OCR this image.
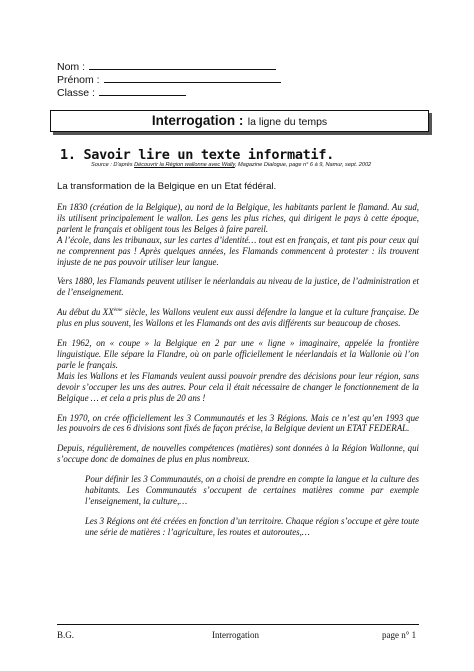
Nom :
Prénom :
Classe :
Interrogation : la ligne du temps
1. Savoir lire un texte informatif.
Source : D'après Découvrir la Région wallonne avec Wally, Magazine Dialogue, page n° 6 à 9, Namur, sept. 2002
La transformation de la Belgique en un Etat fédéral.

En 1830 (création de la Belgique), au nord de la Belgique, les habitants parlent le flamand. Au sud, ils utilisent principalement le wallon. Les gens les plus riches, qui dirigent le pays à cette époque, parlent le français et obligent tous les Belges à faire pareil.

A l’école, dans les tribunaux, sur les cartes d’identité… tout est en français, et tant pis pour ceux qui ne comprennent pas ! Après quelques années, les Flamands commencent à protester : ils trouvent injuste de ne pas pouvoir utiliser leur langue.

Vers 1880, les Flamands peuvent utiliser le néerlandais au niveau de la justice, de l’administration et de l’enseignement.

Au début du XXème siècle, les Wallons veulent eux aussi défendre la langue et la culture française. De plus en plus souvent, les Wallons et les Flamands ont des avis différents sur beaucoup de choses.

En 1962, on « coupe » la Belgique en 2 par une « ligne » imaginaire, appelée la frontière linguistique. Elle sépare la Flandre, où on parle officiellement le néerlandais et la Wallonie où l’on parle le français.

Mais les Wallons et les Flamands veulent aussi pouvoir prendre des décisions pour leur région, sans devoir s’occuper les uns des autres. Pour cela il était nécessaire de changer le fonctionnement de la Belgique … et cela a pris plus de 20 ans !

En 1970, on crée officiellement les 3 Communautés et les 3 Régions. Mais ce n’est qu’en 1993 que les pouvoirs de ces 6 divisions sont fixés de façon précise, la Belgique devient un ETAT FEDERAL.

Depuis, régulièrement, de nouvelles compétences (matières) sont données à la Région Wallonne, qui s’occupe donc de domaines de plus en plus nombreux.

Pour définir les 3 Communautés, on a choisi de prendre en compte la langue et la culture des habitants. Les Communautés s’occupent de certaines matières comme par exemple l’enseignement, la culture,…

Les 3 Régions ont été créées en fonction d’un territoire. Chaque région s’occupe et gère toute une série de matières : l’agriculture, les routes et autoroutes,…

B.G.	Interrogation	page n° 1
